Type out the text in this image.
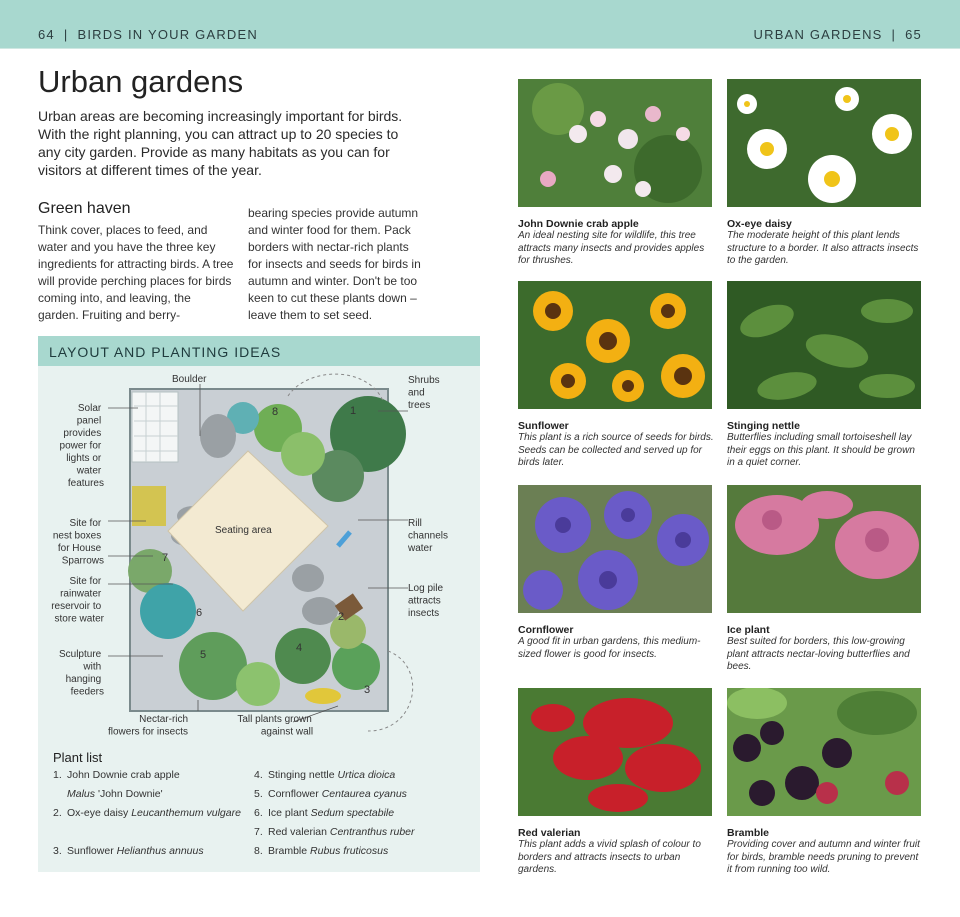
64 | BIRDS IN YOUR GARDEN	URBAN GARDENS | 65
Urban gardens

Urban areas are becoming increasingly important for birds. With the right planning, you can attract up to 20 species to any city garden. Provide as many habitats as you can for visitors at different times of the year.

Green haven

Think cover, places to feed, and water and you have the three key ingredients for attracting birds. A tree will provide perching places for birds coming into, and leaving, the garden. Fruiting and berry-

bearing species provide autumn and winter food for them. Pack borders with nectar-rich plants for insects and seeds for birds in autumn and winter. Don't be too keen to cut these plants down – leave them to set seed.

LAYOUT AND PLANTING IDEAS
1
2
3
4
5
6
7
8
Boulder
Solar panel provides power for lights or water features
Shrubs and trees
Seating area
Rill channels water
Site for nest boxes for House Sparrows
Site for rainwater reservoir to store water
Log pile attracts insects
Sculpture with hanging feeders
Nectar-rich flowers for insects
Tall plants grown against wall
Plant list
1. John Downie crab apple
Malus 'John Downie'
2. Ox-eye daisy Leucanthemum vulgare

3. Sunflower Helianthus annuus
4. Stinging nettle Urtica dioica
5. Cornflower Centaurea cyanus
6. Ice plant Sedum spectabile
7. Red valerian Centranthus ruber
8. Bramble Rubus fruticosus
John Downie crab apple
An ideal nesting site for wildlife, this tree attracts many insects and provides apples for thrushes.
Ox-eye daisy
The moderate height of this plant lends structure to a border. It also attracts insects to the garden.
Sunflower
This plant is a rich source of seeds for birds. Seeds can be collected and served up for birds later.
Stinging nettle
Butterflies including small tortoiseshell lay their eggs on this plant. It should be grown in a quiet corner.
Cornflower
A good fit in urban gardens, this medium-sized flower is good for insects.
Ice plant
Best suited for borders, this low-growing plant attracts nectar-loving butterflies and bees.
Red valerian
This plant adds a vivid splash of colour to borders and attracts insects to urban gardens.
Bramble
Providing cover and autumn and winter fruit for birds, bramble needs pruning to prevent it from running too wild.
